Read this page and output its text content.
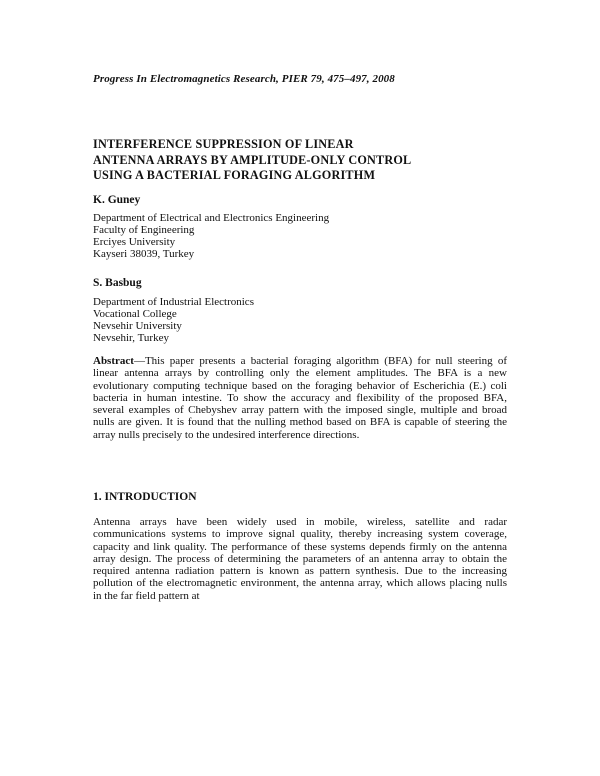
Progress In Electromagnetics Research, PIER 79, 475–497, 2008
INTERFERENCE SUPPRESSION OF LINEAR
ANTENNA ARRAYS BY AMPLITUDE-ONLY CONTROL
USING A BACTERIAL FORAGING ALGORITHM
K. Guney
Department of Electrical and Electronics Engineering
Faculty of Engineering
Erciyes University
Kayseri 38039, Turkey
S. Basbug
Department of Industrial Electronics
Vocational College
Nevsehir University
Nevsehir, Turkey
Abstract—This paper presents a bacterial foraging algorithm (BFA) for null steering of linear antenna arrays by controlling only the element amplitudes. The BFA is a new evolutionary computing technique based on the foraging behavior of Escherichia (E.) coli bacteria in human intestine. To show the accuracy and flexibility of the proposed BFA, several examples of Chebyshev array pattern with the imposed single, multiple and broad nulls are given. It is found that the nulling method based on BFA is capable of steering the array nulls precisely to the undesired interference directions.
1. INTRODUCTION
Antenna arrays have been widely used in mobile, wireless, satellite and radar communications systems to improve signal quality, thereby increasing system coverage, capacity and link quality. The performance of these systems depends firmly on the antenna array design. The process of determining the parameters of an antenna array to obtain the required antenna radiation pattern is known as pattern synthesis. Due to the increasing pollution of the electromagnetic environment, the antenna array, which allows placing nulls in the far field pattern at
